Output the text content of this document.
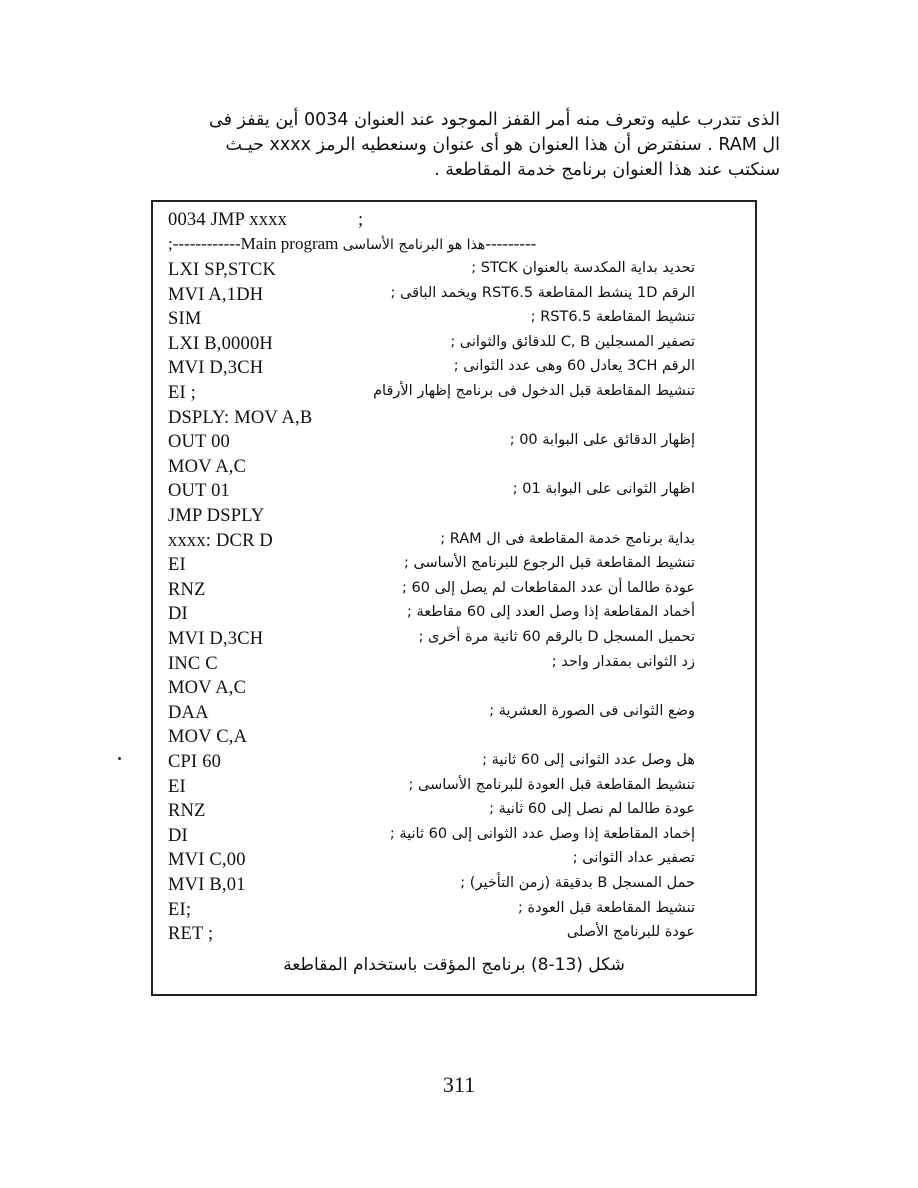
الذى تتدرب عليه وتعرف منه أمر القفز الموجود عند العنوان 0034 أين يقفز فى
ال RAM . سنفترض أن هذا العنوان هو أى عنوان وسنعطيه الرمز xxxx حيـث
سنكتب عند هذا العنوان برنامج خدمة المقاطعة .
0034 JMP xxxx	;
;------------Main program هذا هو البرنامج الأساسى---------
LXI SP,STCK	تحديد بداية المكدسة بالعنوان STCK ;
MVI A,1DH	الرقم 1D ينشط المقاطعة RST6.5 ويخمد الباقى ;
SIM	تنشيط المقاطعة RST6.5 ;
LXI B,0000H	تصفير المسجلين C, B للدقائق والثوانى ;
MVI D,3CH	الرقم 3CH يعادل 60 وهى عدد الثوانى ;
EI ;	تنشيط المقاطعة قبل الدخول فى برنامج إظهار الأرقام
DSPLY: MOV A,B
OUT 00	إظهار الدقائق على البوابة 00 ;
MOV A,C
OUT 01	اظهار الثوانى على البوابة 01 ;
JMP DSPLY
xxxx: DCR D	بداية برنامج خدمة المقاطعة فى ال RAM ;
EI	تنشيط المقاطعة قبل الرجوع للبرنامج الأساسى ;
RNZ	عودة طالما أن عدد المقاطعات لم يصل إلى 60 ;
DI	أخماد المقاطعة إذا وصل العدد إلى 60 مقاطعة ;
MVI D,3CH	تحميل المسجل D بالرقم 60 ثانية مرة أخرى ;
INC C	زد الثوانى بمقدار واحد ;
MOV A,C
DAA	وضع الثوانى فى الصورة العشرية ;
MOV C,A
CPI 60	هل وصل عدد الثوانى إلى 60 ثانية ;
EI	تنشيط المقاطعة قبل العودة للبرنامج الأساسى ;
RNZ	عودة طالما لم نصل إلى 60 ثانية ;
DI	إخماد المقاطعة إذا وصل عدد الثوانى إلى 60 ثانية ;
MVI C,00	تصفير عداد الثوانى ;
MVI B,01	حمل المسجل B بدقيقة (زمن التأخير) ;
EI;	تنشيط المقاطعة قبل العودة ;
RET ;	عودة للبرنامج الأصلى
شكل (13-8) برنامج المؤقت باستخدام المقاطعة
311
